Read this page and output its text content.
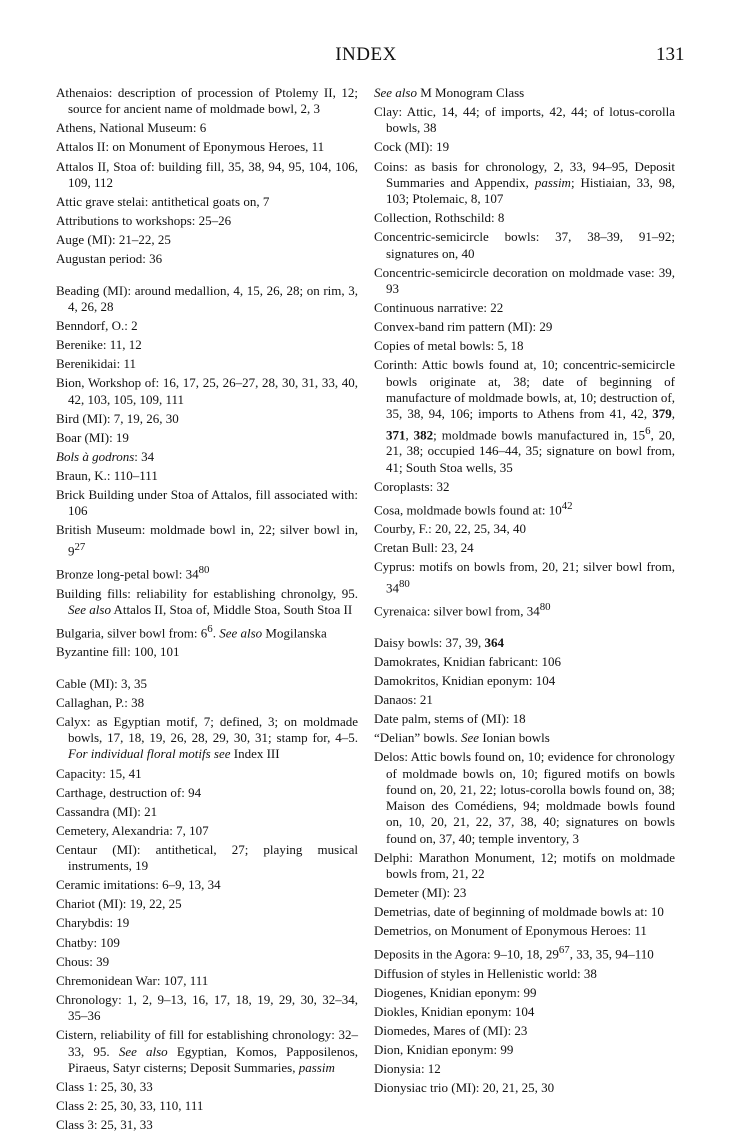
INDEX	131

Athenaios: description of procession of Ptolemy II, 12; source for ancient name of moldmade bowl, 2, 3

Athens, National Museum: 6

Attalos II: on Monument of Eponymous Heroes, 11

Attalos II, Stoa of: building fill, 35, 38, 94, 95, 104, 106, 109, 112

Attic grave stelai: antithetical goats on, 7

Attributions to workshops: 25–26

Auge (MI): 21–22, 25

Augustan period: 36

Beading (MI): around medallion, 4, 15, 26, 28; on rim, 3, 4, 26, 28

Benndorf, O.: 2

Berenike: 11, 12

Berenikidai: 11

Bion, Workshop of: 16, 17, 25, 26–27, 28, 30, 31, 33, 40, 42, 103, 105, 109, 111

Bird (MI): 7, 19, 26, 30

Boar (MI): 19

Bols à godrons: 34

Braun, K.: 110–111

Brick Building under Stoa of Attalos, fill associated with: 106

British Museum: moldmade bowl in, 22; silver bowl in, $9^{27}$

Bronze long-petal bowl: $34^{80}$

Building fills: reliability for establishing chronolgy, 95. See also Attalos II, Stoa of, Middle Stoa, South Stoa II

Bulgaria, silver bowl from: $6^6$. See also Mogilanska

Byzantine fill: 100, 101

Cable (MI): 3, 35

Callaghan, P.: 38

Calyx: as Egyptian motif, 7; defined, 3; on moldmade bowls, 17, 18, 19, 26, 28, 29, 30, 31; stamp for, 4–5. For individual floral motifs see Index III

Capacity: 15, 41

Carthage, destruction of: 94

Cassandra (MI): 21

Cemetery, Alexandria: 7, 107

Centaur (MI): antithetical, 27; playing musical instruments, 19

Ceramic imitations: 6–9, 13, 34

Chariot (MI): 19, 22, 25

Charybdis: 19

Chatby: 109

Chous: 39

Chremonidean War: 107, 111

Chronology: 1, 2, 9–13, 16, 17, 18, 19, 29, 30, 32–34, 35–36

Cistern, reliability of fill for establishing chronology: 32–33, 95. See also Egyptian, Komos, Papposilenos, Piraeus, Satyr cisterns; Deposit Summaries, passim

Class 1: 25, 30, 33

Class 2: 25, 30, 33, 110, 111

Class 3: 25, 31, 33

See also M Monogram Class

Clay: Attic, 14, 44; of imports, 42, 44; of lotus-corolla bowls, 38

Cock (MI): 19

Coins: as basis for chronology, 2, 33, 94–95, Deposit Summaries and Appendix, passim; Histiaian, 33, 98, 103; Ptolemaic, 8, 107

Collection, Rothschild: 8

Concentric-semicircle bowls: 37, 38–39, 91–92; signatures on, 40

Concentric-semicircle decoration on moldmade vase: 39, 93

Continuous narrative: 22

Convex-band rim pattern (MI): 29

Copies of metal bowls: 5, 18

Corinth: Attic bowls found at, 10; concentric-semicircle bowls originate at, 38; date of beginning of manufacture of moldmade bowls, at, 10; destruction of, 35, 38, 94, 106; imports to Athens from 41, 42, 379, 371, 382; moldmade bowls manufactured in, $15^6$, 20, 21, 38; occupied 146–44, 35; signature on bowl from, 41; South Stoa wells, 35

Coroplasts: 32

Cosa, moldmade bowls found at: $10^{42}$

Courby, F.: 20, 22, 25, 34, 40

Cretan Bull: 23, 24

Cyprus: motifs on bowls from, 20, 21; silver bowl from, $34^{80}$

Cyrenaica: silver bowl from, $34^{80}$

Daisy bowls: 37, 39, 364

Damokrates, Knidian fabricant: 106

Damokritos, Knidian eponym: 104

Danaos: 21

Date palm, stems of (MI): 18

“Delian” bowls. See Ionian bowls

Delos: Attic bowls found on, 10; evidence for chronology of moldmade bowls on, 10; figured motifs on bowls found on, 20, 21, 22; lotus-corolla bowls found on, 38; Maison des Comédiens, 94; moldmade bowls found on, 10, 20, 21, 22, 37, 38, 40; signatures on bowls found on, 37, 40; temple inventory, 3

Delphi: Marathon Monument, 12; motifs on moldmade bowls from, 21, 22

Demeter (MI): 23

Demetrias, date of beginning of moldmade bowls at: 10

Demetrios, on Monument of Eponymous Heroes: 11

Deposits in the Agora: 9–10, 18, $29^{67}$, 33, 35, 94–110

Diffusion of styles in Hellenistic world: 38

Diogenes, Knidian eponym: 99

Diokles, Knidian eponym: 104

Diomedes, Mares of (MI): 23

Dion, Knidian eponym: 99

Dionysia: 12

Dionysiac trio (MI): 20, 21, 25, 30
